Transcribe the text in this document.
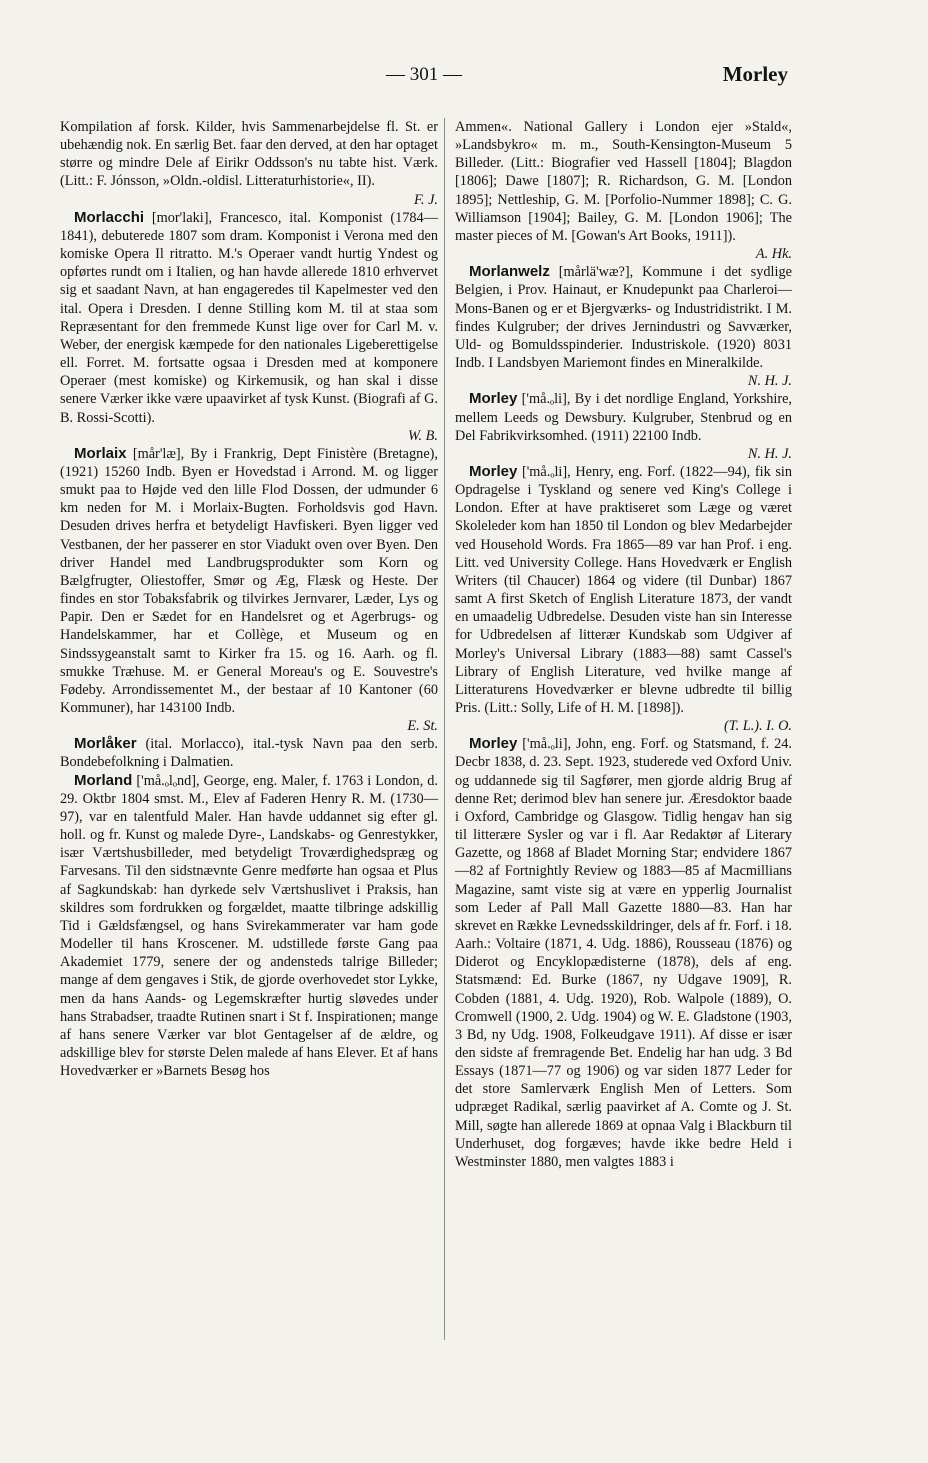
— 301 —	Morley

Kompilation af forsk. Kilder, hvis Sammenarbejdelse fl. St. er ubehændig nok. En særlig Bet. faar den derved, at den har optaget større og mindre Dele af Eirikr Oddsson's nu tabte hist. Værk. (Litt.: F. Jónsson, »Oldn.-oldisl. Litteraturhistorie«, II).

F. J.

Morlacchi [mor'laki], Francesco, ital. Komponist (1784—1841), debuterede 1807 som dram. Komponist i Verona med den komiske Opera Il ritratto. M.'s Operaer vandt hurtig Yndest og opførtes rundt om i Italien, og han havde allerede 1810 erhvervet sig et saadant Navn, at han engageredes til Kapelmester ved den ital. Opera i Dresden. I denne Stilling kom M. til at staa som Repræsentant for den fremmede Kunst lige over for Carl M. v. Weber, der energisk kæmpede for den nationales Ligeberettigelse ell. Forret. M. fortsatte ogsaa i Dresden med at komponere Operaer (mest komiske) og Kirkemusik, og han skal i disse senere Værker ikke være upaavirket af tysk Kunst. (Biografi af G. B. Rossi-Scotti).

W. B.

Morlaix [mår'læ], By i Frankrig, Dept Finistère (Bretagne), (1921) 15260 Indb. Byen er Hovedstad i Arrond. M. og ligger smukt paa to Højde ved den lille Flod Dossen, der udmunder 6 km neden for M. i Morlaix-Bugten. Forholdsvis god Havn. Desuden drives herfra et betydeligt Havfiskeri. Byen ligger ved Vestbanen, der her passerer en stor Viadukt oven over Byen. Den driver Handel med Landbrugsprodukter som Korn og Bælgfrugter, Oliestoffer, Smør og Æg, Flæsk og Heste. Der findes en stor Tobaksfabrik og tilvirkes Jernvarer, Læder, Lys og Papir. Den er Sædet for en Handelsret og et Agerbrugs- og Handelskammer, har et Collège, et Museum og en Sindssygeanstalt samt to Kirker fra 15. og 16. Aarh. og fl. smukke Træhuse. M. er General Moreau's og E. Souvestre's Fødeby. Arrondissementet M., der bestaar af 10 Kantoner (60 Kommuner), har 143100 Indb.

E. St.

Morlåker (ital. Morlacco), ital.-tysk Navn paa den serb. Bondebefolkning i Dalmatien.

Morland ['må.ₒlₒnd], George, eng. Maler, f. 1763 i London, d. 29. Oktbr 1804 smst. M., Elev af Faderen Henry R. M. (1730—97), var en talentfuld Maler. Han havde uddannet sig efter gl. holl. og fr. Kunst og malede Dyre-, Landskabs- og Genrestykker, især Værtshusbilleder, med betydeligt Troværdighedspræg og Farvesans. Til den sidstnævnte Genre medførte han ogsaa et Plus af Sagkundskab: han dyrkede selv Værtshuslivet i Praksis, han skildres som fordrukken og forgældet, maatte tilbringe adskillig Tid i Gældsfængsel, og hans Svirekammerater var ham gode Modeller til hans Kroscener. M. udstillede første Gang paa Akademiet 1779, senere der og andensteds talrige Billeder; mange af dem gengaves i Stik, de gjorde overhovedet stor Lykke, men da hans Aands- og Legemskræfter hurtig sløvedes under hans Strabadser, traadte Rutinen snart i St f. Inspirationen; mange af hans senere Værker var blot Gentagelser af de ældre, og adskillige blev for største Delen malede af hans Elever. Et af hans Hovedværker er »Barnets Besøg hos

Ammen«. National Gallery i London ejer »Stald«, »Landsbykro« m. m., South-Kensington-Museum 5 Billeder. (Litt.: Biografier ved Hassell [1804]; Blagdon [1806]; Dawe [1807]; R. Richardson, G. M. [London 1895]; Nettleship, G. M. [Porfolio-Nummer 1898]; C. G. Williamson [1904]; Bailey, G. M. [London 1906]; The master pieces of M. [Gowan's Art Books, 1911]).

A. Hk.

Morlanwelz [mårlä'wæ?], Kommune i det sydlige Belgien, i Prov. Hainaut, er Knudepunkt paa Charleroi—Mons-Banen og er et Bjergværks- og Industridistrikt. I M. findes Kulgruber; der drives Jernindustri og Savværker, Uld- og Bomuldsspinderier. Industriskole. (1920) 8031 Indb. I Landsbyen Mariemont findes en Mineralkilde.

N. H. J.

Morley ['må.ₒli], By i det nordlige England, Yorkshire, mellem Leeds og Dewsbury. Kulgruber, Stenbrud og en Del Fabrikvirksomhed. (1911) 22100 Indb.

N. H. J.

Morley ['må.ₒli], Henry, eng. Forf. (1822—94), fik sin Opdragelse i Tyskland og senere ved King's College i London. Efter at have praktiseret som Læge og været Skoleleder kom han 1850 til London og blev Medarbejder ved Household Words. Fra 1865—89 var han Prof. i eng. Litt. ved University College. Hans Hovedværk er English Writers (til Chaucer) 1864 og videre (til Dunbar) 1867 samt A first Sketch of English Literature 1873, der vandt en umaadelig Udbredelse. Desuden viste han sin Interesse for Udbredelsen af litterær Kundskab som Udgiver af Morley's Universal Library (1883—88) samt Cassel's Library of English Literature, ved hvilke mange af Litteraturens Hovedværker er blevne udbredte til billig Pris. (Litt.: Solly, Life of H. M. [1898]).

(T. L.). I. O.

Morley ['må.ₒli], John, eng. Forf. og Statsmand, f. 24. Decbr 1838, d. 23. Sept. 1923, studerede ved Oxford Univ. og uddannede sig til Sagfører, men gjorde aldrig Brug af denne Ret; derimod blev han senere jur. Æresdoktor baade i Oxford, Cambridge og Glasgow. Tidlig hengav han sig til litterære Sysler og var i fl. Aar Redaktør af Literary Gazette, og 1868 af Bladet Morning Star; endvidere 1867—82 af Fortnightly Review og 1883—85 af Macmillians Magazine, samt viste sig at være en ypperlig Journalist som Leder af Pall Mall Gazette 1880—83. Han har skrevet en Række Levnedsskildringer, dels af fr. Forf. i 18. Aarh.: Voltaire (1871, 4. Udg. 1886), Rousseau (1876) og Diderot og Encyklopædisterne (1878), dels af eng. Statsmænd: Ed. Burke (1867, ny Udgave 1909], R. Cobden (1881, 4. Udg. 1920), Rob. Walpole (1889), O. Cromwell (1900, 2. Udg. 1904) og W. E. Gladstone (1903, 3 Bd, ny Udg. 1908, Folkeudgave 1911). Af disse er især den sidste af fremragende Bet. Endelig har han udg. 3 Bd Essays (1871—77 og 1906) og var siden 1877 Leder for det store Samlerværk English Men of Letters. Som udpræget Radikal, særlig paavirket af A. Comte og J. St. Mill, søgte han allerede 1869 at opnaa Valg i Blackburn til Underhuset, dog forgæves; havde ikke bedre Held i Westminster 1880, men valgtes 1883 i
